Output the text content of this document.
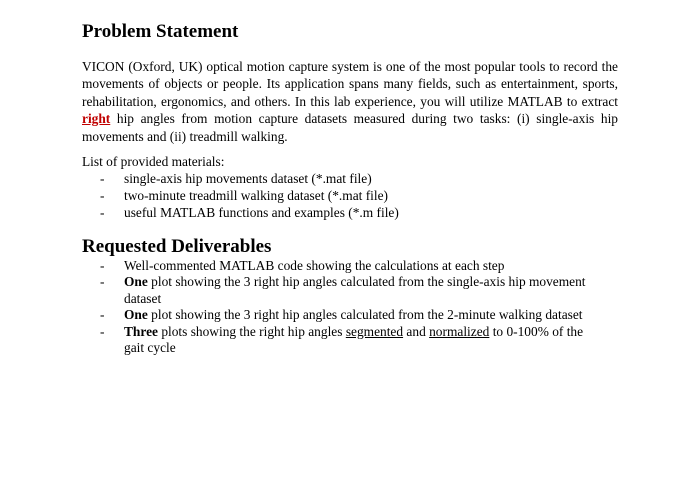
Problem Statement
VICON (Oxford, UK) optical motion capture system is one of the most popular tools to record the movements of objects or people. Its application spans many fields, such as entertainment, sports, rehabilitation, ergonomics, and others. In this lab experience, you will utilize MATLAB to extract right hip angles from motion capture datasets measured during two tasks: (i) single-axis hip movements and (ii) treadmill walking.
List of provided materials:
- single-axis hip movements dataset (*.mat file)
- two-minute treadmill walking dataset (*.mat file)
- useful MATLAB functions and examples (*.m file)
Requested Deliverables
- Well-commented MATLAB code showing the calculations at each step
- One plot showing the 3 right hip angles calculated from the single-axis hip movement dataset
- One plot showing the 3 right hip angles calculated from the 2-minute walking dataset
- Three plots showing the right hip angles segmented and normalized to 0-100% of the gait cycle
